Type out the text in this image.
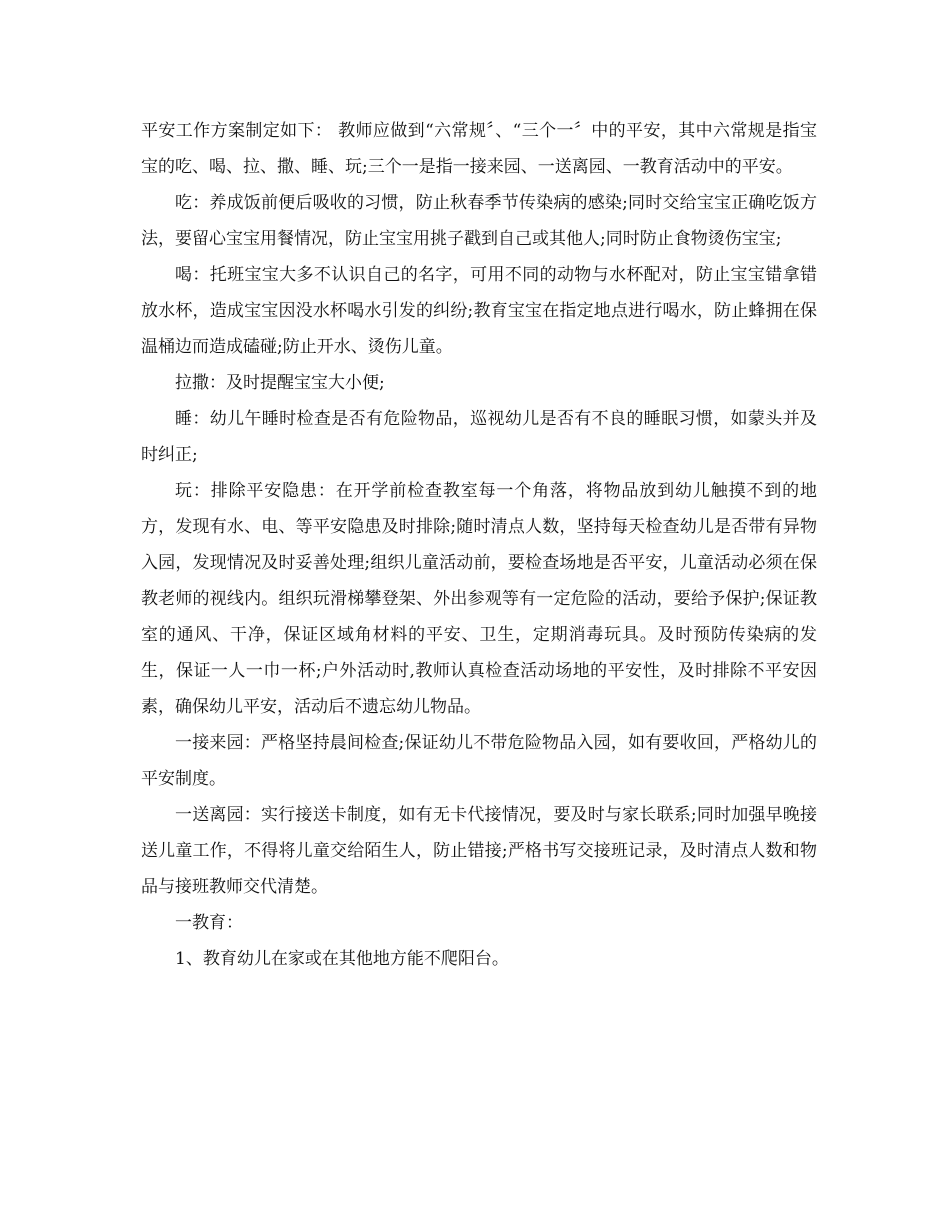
平安工作方案制定如下： 教师应做到“六常规〞、“三个一〞中的平安，其中六常规是指宝宝的吃、喝、拉、撒、睡、玩;三个一是指一接来园、一送离园、一教育活动中的平安。

吃：养成饭前便后吸收的习惯，防止秋春季节传染病的感染;同时交给宝宝正确吃饭方法，要留心宝宝用餐情况，防止宝宝用挑子戳到自己或其他人;同时防止食物烫伤宝宝;

喝：托班宝宝大多不认识自己的名字，可用不同的动物与水杯配对，防止宝宝错拿错放水杯，造成宝宝因没水杯喝水引发的纠纷;教育宝宝在指定地点进行喝水，防止蜂拥在保温桶边而造成磕碰;防止开水、烫伤儿童。

拉撒：及时提醒宝宝大小便;

睡：幼儿午睡时检查是否有危险物品，巡视幼儿是否有不良的睡眠习惯，如蒙头并及时纠正;

玩：排除平安隐患：在开学前检查教室每一个角落，将物品放到幼儿触摸不到的地方，发现有水、电、等平安隐患及时排除;随时清点人数，坚持每天检查幼儿是否带有异物入园，发现情况及时妥善处理;组织儿童活动前，要检查场地是否平安，儿童活动必须在保教老师的视线内。组织玩滑梯攀登架、外出参观等有一定危险的活动，要给予保护;保证教室的通风、干净，保证区域角材料的平安、卫生，定期消毒玩具。及时预防传染病的发生，保证一人一巾一杯;户外活动时,教师认真检查活动场地的平安性，及时排除不平安因素，确保幼儿平安，活动后不遗忘幼儿物品。

一接来园：严格坚持晨间检查;保证幼儿不带危险物品入园，如有要收回，严格幼儿的平安制度。

一送离园：实行接送卡制度，如有无卡代接情况，要及时与家长联系;同时加强早晚接送儿童工作，不得将儿童交给陌生人，防止错接;严格书写交接班记录，及时清点人数和物品与接班教师交代清楚。

一教育：

1、教育幼儿在家或在其他地方能不爬阳台。
